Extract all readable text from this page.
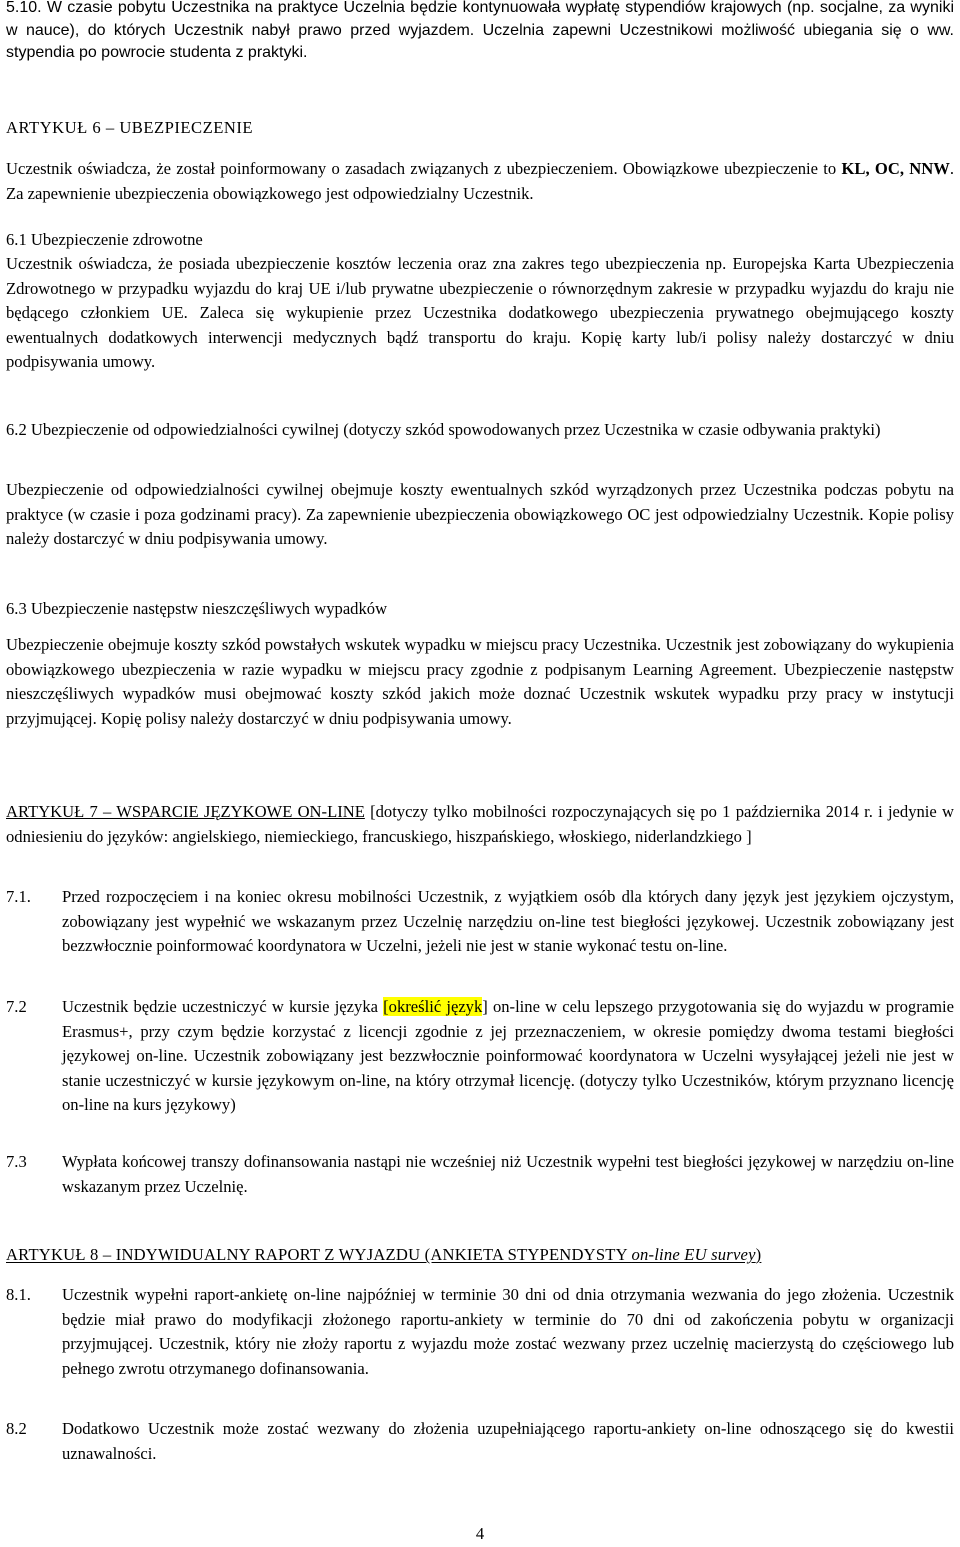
5.10. W czasie pobytu Uczestnika na praktyce Uczelnia będzie kontynuowała wypłatę stypendiów krajowych (np. socjalne, za wyniki w nauce), do których Uczestnik nabył prawo przed wyjazdem. Uczelnia zapewni Uczestnikowi możliwość ubiegania się o ww. stypendia po powrocie studenta z praktyki.

ARTYKUŁ 6 – UBEZPIECZENIE

Uczestnik oświadcza, że został poinformowany o zasadach związanych z ubezpieczeniem. Obowiązkowe ubezpieczenie to KL, OC, NNW. Za zapewnienie ubezpieczenia obowiązkowego jest odpowiedzialny Uczestnik.

6.1 Ubezpieczenie zdrowotne

Uczestnik oświadcza, że posiada ubezpieczenie kosztów leczenia oraz zna zakres tego ubezpieczenia np. Europejska Karta Ubezpieczenia Zdrowotnego w przypadku wyjazdu do kraj UE i/lub prywatne ubezpieczenie o równorzędnym zakresie w przypadku wyjazdu do kraju nie będącego członkiem UE. Zaleca się wykupienie przez Uczestnika dodatkowego ubezpieczenia prywatnego obejmującego koszty ewentualnych dodatkowych interwencji medycznych bądź transportu do kraju. Kopię karty lub/i polisy należy dostarczyć w dniu podpisywania umowy.

6.2 Ubezpieczenie od odpowiedzialności cywilnej (dotyczy szkód spowodowanych przez Uczestnika w czasie odbywania praktyki)

Ubezpieczenie od odpowiedzialności cywilnej obejmuje koszty ewentualnych szkód wyrządzonych przez Uczestnika podczas pobytu na praktyce (w czasie i poza godzinami pracy). Za zapewnienie ubezpieczenia obowiązkowego OC jest odpowiedzialny Uczestnik. Kopie polisy należy dostarczyć w dniu podpisywania umowy.

6.3 Ubezpieczenie następstw nieszczęśliwych wypadków

Ubezpieczenie obejmuje koszty szkód powstałych wskutek wypadku w miejscu pracy Uczestnika. Uczestnik jest zobowiązany do wykupienia obowiązkowego ubezpieczenia w razie wypadku w miejscu pracy zgodnie z podpisanym Learning Agreement. Ubezpieczenie następstw nieszczęśliwych wypadków musi obejmować koszty szkód jakich może doznać Uczestnik wskutek wypadku przy pracy w instytucji przyjmującej. Kopię polisy należy dostarczyć w dniu podpisywania umowy.

ARTYKUŁ 7 – WSPARCIE JĘZYKOWE ON-LINE [dotyczy tylko mobilności rozpoczynających się po 1 października 2014 r. i jedynie w odniesieniu do języków: angielskiego, niemieckiego, francuskiego, hiszpańskiego, włoskiego, niderlandzkiego ]

7.1. Przed rozpoczęciem i na koniec okresu mobilności Uczestnik, z wyjątkiem osób dla których dany język jest językiem ojczystym, zobowiązany jest wypełnić we wskazanym przez Uczelnię narzędziu on-line test biegłości językowej. Uczestnik zobowiązany jest bezzwłocznie poinformować koordynatora w Uczelni, jeżeli nie jest w stanie wykonać testu on-line.

7.2 Uczestnik będzie uczestniczyć w kursie języka [określić język] on-line w celu lepszego przygotowania się do wyjazdu w programie Erasmus+, przy czym będzie korzystać z licencji zgodnie z jej przeznaczeniem, w okresie pomiędzy dwoma testami biegłości językowej on-line. Uczestnik zobowiązany jest bezzwłocznie poinformować koordynatora w Uczelni wysyłającej jeżeli nie jest w stanie uczestniczyć w kursie językowym on-line, na który otrzymał licencję. (dotyczy tylko Uczestników, którym przyznano licencję on-line na kurs językowy)

7.3 Wypłata końcowej transzy dofinansowania nastąpi nie wcześniej niż Uczestnik wypełni test biegłości językowej w narzędziu on-line wskazanym przez Uczelnię.

ARTYKUŁ 8 – INDYWIDUALNY RAPORT Z WYJAZDU (ANKIETA STYPENDYSTY on-line EU survey)
8.1. Uczestnik wypełni raport-ankietę on-line najpóźniej w terminie 30 dni od dnia otrzymania wezwania do jego złożenia. Uczestnik będzie miał prawo do modyfikacji złożonego raportu-ankiety w terminie do 70 dni od zakończenia pobytu w organizacji przyjmującej. Uczestnik, który nie złoży raportu z wyjazdu może zostać wezwany przez uczelnię macierzystą do częściowego lub pełnego zwrotu otrzymanego dofinansowania.

8.2 Dodatkowo Uczestnik może zostać wezwany do złożenia uzupełniającego raportu-ankiety on-line odnoszącego się do kwestii uznawalności.

4
